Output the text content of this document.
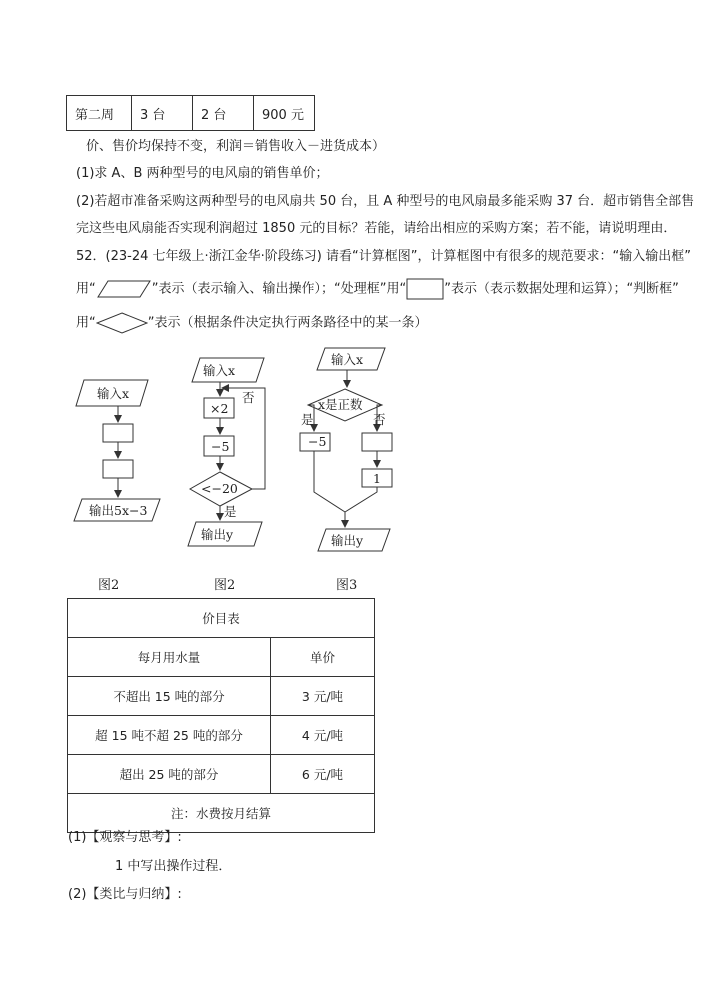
第二周	3 台	2 台	900 元
价、售价均保持不变，利润＝销售收入－进货成本）
(1)求 A、B 两种型号的电风扇的销售单价；
(2)若超市准备采购这两种型号的电风扇共 50 台，且 A 种型号的电风扇最多能采购 37 台．超市销售全部售
完这些电风扇能否实现利润超过 1850 元的目标？若能，请给出相应的采购方案；若不能，请说明理由．
52．(23-24 七年级上·浙江金华·阶段练习) 请看“计算框图”，计算框图中有很多的规范要求：“输入输出框”
用“	”表示（表示输入、输出操作）；“处理框”用“	”表示（表示数据处理和运算）；“判断框”
用“	”表示（根据条件决定执行两条路径中的某一条）
输入x
输出5x−3
输入x
×2
−5
<−20
否
是
输出y
输入x
x是正数
是	否
−5
1
输出y
图2	图2	图3
价目表	
每月用水量	单价
不超出 15 吨的部分	3 元/吨
超 15 吨不超 25 吨的部分	4 元/吨
超出 25 吨的部分	6 元/吨
注：水费按月结算	
(1)【观察与思考】:
1 中写出操作过程．
(2)【类比与归纳】:
